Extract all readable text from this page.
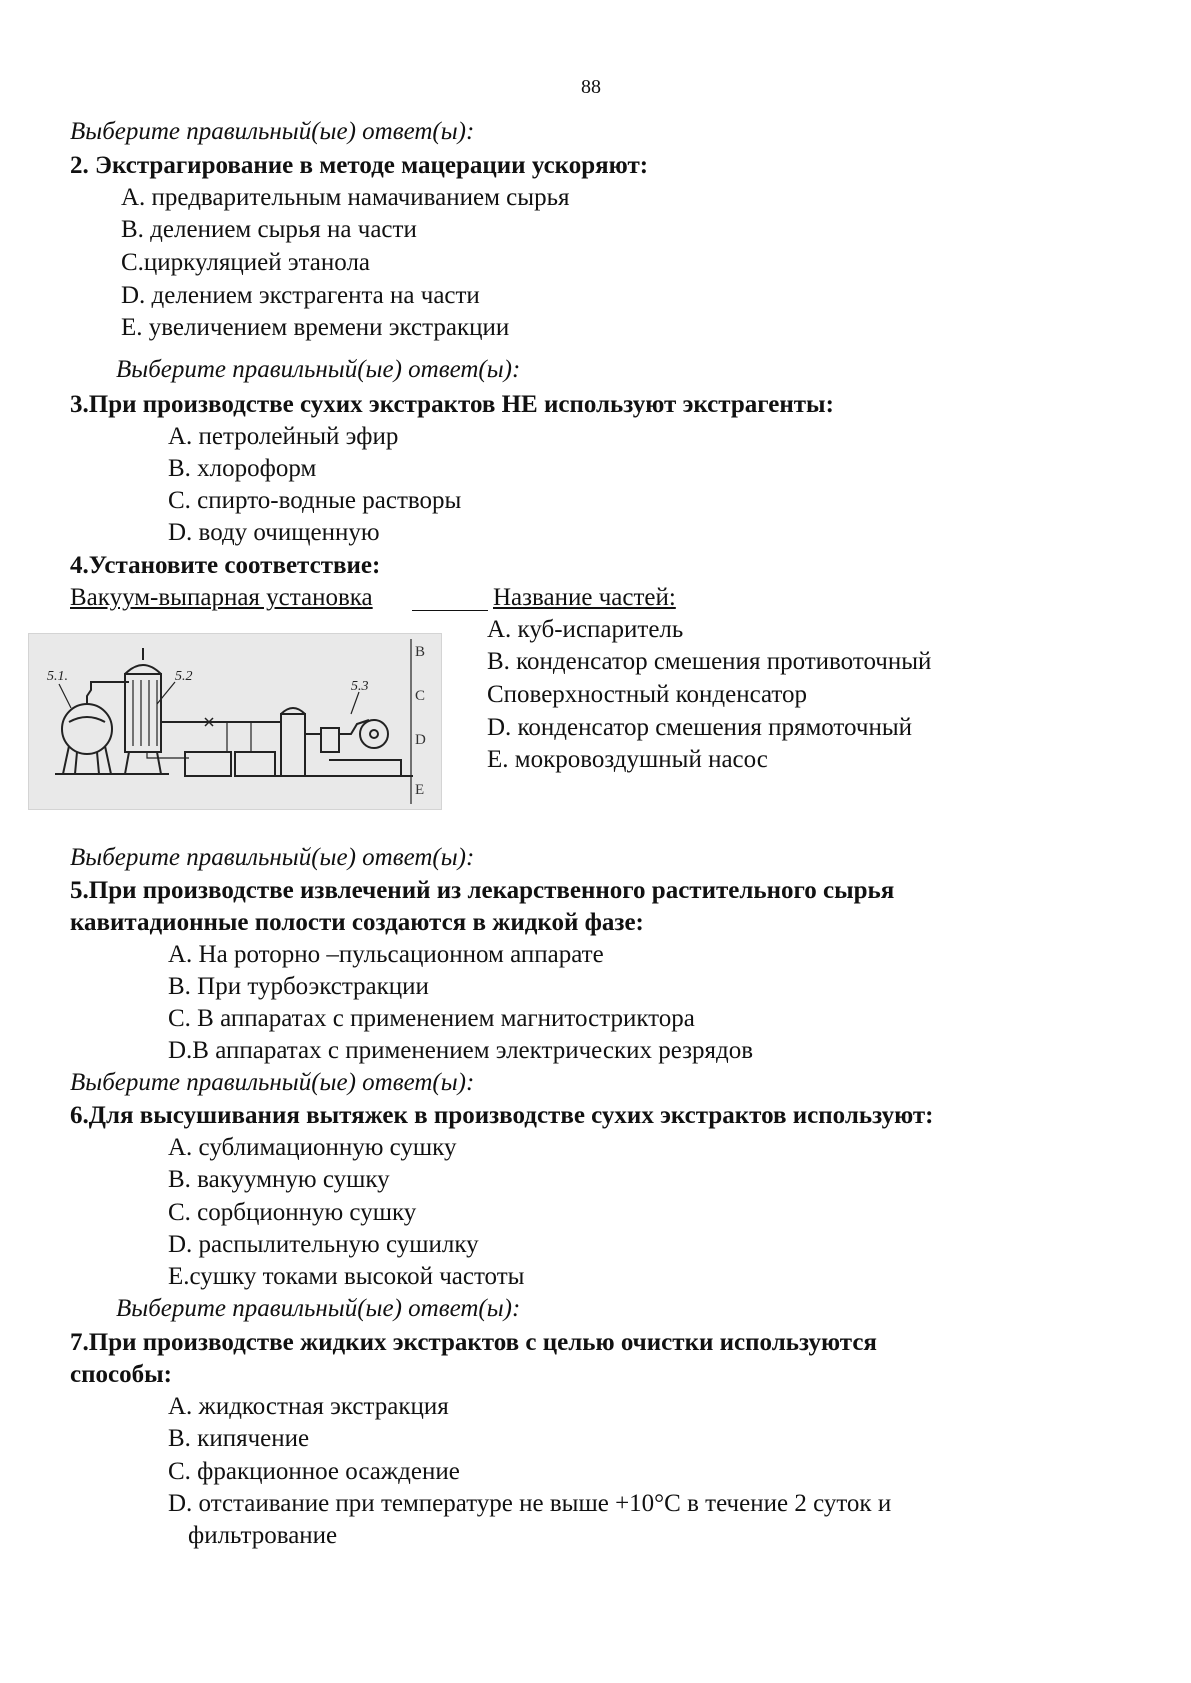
88
Выберите правильный(ые) ответ(ы):
2. Экстрагирование в методе мацерации ускоряют:
A. предварительным намачиванием сырья
B. делением сырья на части
C.циркуляцией этанола
D. делением экстрагента на части
E. увеличением времени экстракции
Выберите правильный(ые) ответ(ы):
3.При производстве сухих экстрактов НЕ используют экстрагенты:
A. петролейный эфир
B. хлороформ
C. спирто-водные растворы
D. воду очищенную
4.Установите соответствие:
Вакуум-выпарная установка	Название частей:
5.1.	5.2
5.3
B
C
D
E
A. куб-испаритель
B. конденсатор смешения противоточный
Споверхностный конденсатор
D. конденсатор смешения прямоточный
E. мокровоздушный насос
Выберите правильный(ые) ответ(ы):
5.При производстве извлечений из лекарственного растительного сырья
кавитадионные полости создаются в жидкой фазе:
A. На роторно –пульсационном аппарате
B. При турбоэкстракции
C. В аппаратах с применением магнитостриктора
D.В аппаратах с применением электрических резрядов
Выберите правильный(ые) ответ(ы):
6.Для высушивания вытяжек в производстве сухих экстрактов используют:
A. сублимационную сушку
B. вакуумную сушку
C. сорбционную сушку
D. распылительную сушилку
E.сушку токами высокой частоты
Выберите правильный(ые) ответ(ы):
7.При производстве жидких экстрактов с целью очистки используются
способы:
A. жидкостная экстракция
B. кипячение
C. фракционное осаждение
D. отстаивание при температуре не выше +10°С в течение 2 суток и
фильтрование
